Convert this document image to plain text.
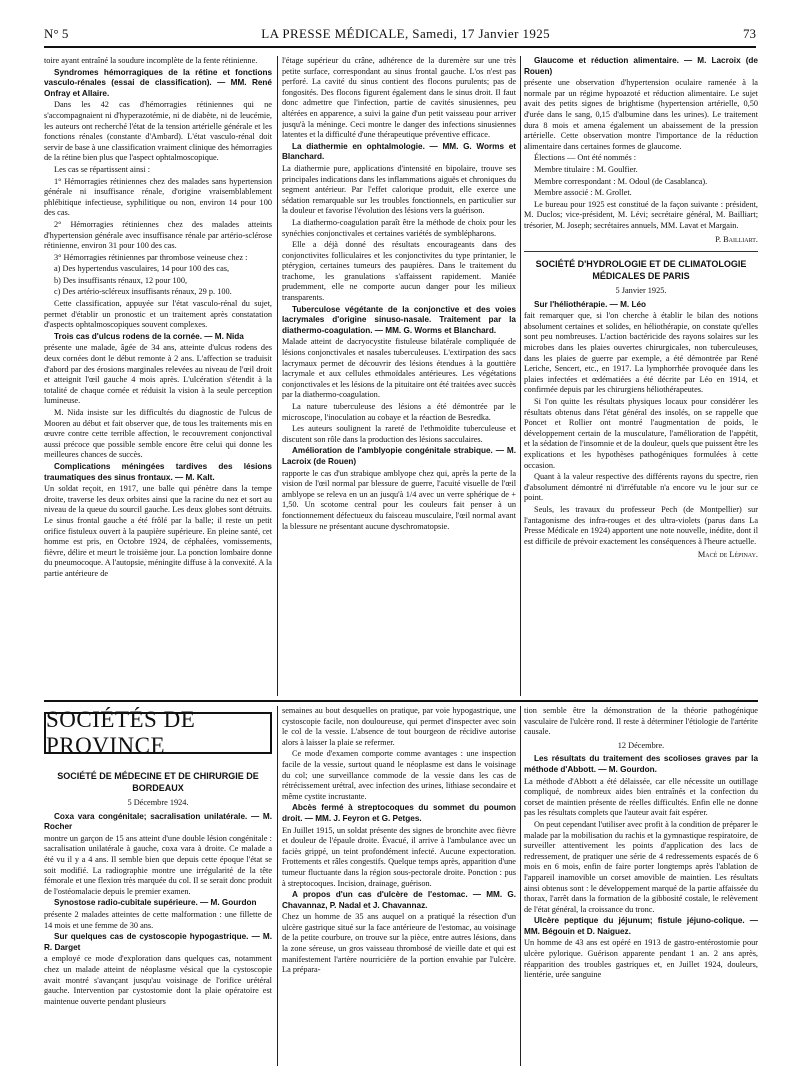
N° 5	LA PRESSE MÉDICALE, Samedi, 17 Janvier 1925	73

toire ayant entraîné la soudure incomplète de la fente rétinienne.

Syndromes hémorragiques de la rétine et fonctions vasculo-rénales (essai de classification). — MM. René Onfray et Allaire.

Dans les 42 cas d'hémorragies rétiniennes qui ne s'accompagnaient ni d'hyperazotémie, ni de diabète, ni de leucémie, les auteurs ont recherché l'état de la tension artérielle générale et les fonctions rénales (constante d'Ambard). L'état vasculo-rénal doit servir de base à une classification vraiment clinique des hémorragies de la rétine bien plus que l'aspect ophtalmoscopique.

Les cas se répartissent ainsi :

1° Hémorragies rétiniennes chez des malades sans hypertension générale ni insuffisance rénale, d'origine vraisemblablement phlébitique infectieuse, syphilitique ou non, environ 14 pour 100 des cas.

2° Hémorragies rétiniennes chez des malades atteints d'hypertension générale avec insuffisance rénale par artério-sclérose rétinienne, environ 31 pour 100 des cas.

3° Hémorragies rétiniennes par thrombose veineuse chez :

a) Des hypertendus vasculaires, 14 pour 100 des cas,

b) Des insuffisants rénaux, 12 pour 100,

c) Des artério-scléreux insuffisants rénaux, 29 p. 100.

Cette classification, appuyée sur l'état vasculo-rénal du sujet, permet d'établir un pronostic et un traitement après constatation d'aspects ophtalmoscopiques souvent complexes.

Trois cas d'ulcus rodens de la cornée. — M. Nida

présente une malade, âgée de 34 ans, atteinte d'ulcus rodens des deux cornées dont le début remonte à 2 ans. L'affection se traduisit d'abord par des érosions marginales relevées au niveau de l'œil droit et atteignit l'œil gauche 4 mois après. L'ulcération s'étendit à la totalité de chaque cornée et réduisit la vision à la seule perception lumineuse.

M. Nida insiste sur les difficultés du diagnostic de l'ulcus de Mooren au début et fait observer que, de tous les traitements mis en œuvre contre cette terrible affection, le recouvrement conjonctival aussi précoce que possible semble encore être celui qui donne les meilleures chances de succès.

Complications méningées tardives des lésions traumatiques des sinus frontaux. — M. Kalt.

Un soldat reçoit, en 1917, une balle qui pénètre dans la tempe droite, traverse les deux orbites ainsi que la racine du nez et sort au niveau de la queue du sourcil gauche. Les deux globes sont détruits. Le sinus frontal gauche a été frôlé par la balle; il reste un petit orifice fistuleux ouvert à la paupière supérieure. En pleine santé, cet homme est pris, en Octobre 1924, de céphalées, vomissements, fièvre, délire et meurt le troisième jour. La ponction lombaire donne du pneumocoque. A l'autopsie, méningite diffuse à la convexité. A la partie antérieure de

l'étage supérieur du crâne, adhérence de la duremère sur une très petite surface, correspondant au sinus frontal gauche. L'os n'est pas perforé. La cavité du sinus contient des flocons purulents; pas de fongosités. Des flocons figurent également dans le sinus droit. Il faut donc admettre que l'infection, partie de cavités sinusiennes, peu altérées en apparence, a suivi la gaine d'un petit vaisseau pour arriver jusqu'à la méninge. Ceci montre le danger des infections sinusiennes latentes et la difficulté d'une thérapeutique préventive efficace.

La diathermie en ophtalmologie. — MM. G. Worms et Blanchard.

La diathermie pure, applications d'intensité en bipolaire, trouve ses principales indications dans les inflammations aiguës et chroniques du segment antérieur. Par l'effet calorique produit, elle exerce une sédation remarquable sur les troubles fonctionnels, en particulier sur la douleur et favorise l'évolution des lésions vers la guérison.

La diathermo-coagulation paraît être la méthode de choix pour les synéchies conjonctivales et certaines variétés de symblépharons.

Elle a déjà donné des résultats encourageants dans des conjonctivites folliculaires et les conjonctivites du type printanier, le ptérygion, certaines tumeurs des paupières. Dans le traitement du trachome, les granulations s'affaissent rapidement. Maniée prudemment, elle ne comporte aucun danger pour les milieux transparents.

Tuberculose végétante de la conjonctive et des voies lacrymales d'origine sinuso-nasale. Traitement par la diathermo-coagulation. — MM. G. Worms et Blanchard.

Malade atteint de dacryocystite fistuleuse bilatérale compliquée de lésions conjonctivales et nasales tuberculeuses. L'extirpation des sacs lacrymaux permet de découvrir des lésions étendues à la gouttière lacrymale et aux cellules ethmoïdales antérieures. Les végétations conjonctivales et les lésions de la pituitaire ont été traitées avec succès par la diathermo-coagulation.

La nature tuberculeuse des lésions a été démontrée par le microscope, l'inoculation au cobaye et la réaction de Besredka.

Les auteurs soulignent la rareté de l'ethmoïdite tuberculeuse et discutent son rôle dans la production des lésions sacculaires.

Amélioration de l'amblyopie congénitale strabique. — M. Lacroix (de Rouen)

rapporte le cas d'un strabique amblyope chez qui, après la perte de la vision de l'œil normal par blessure de guerre, l'acuité visuelle de l'œil amblyope se releva en un an jusqu'à 1/4 avec un verre sphérique de + 1,50. Un scotome central pour les couleurs fait penser à un fonctionnement défectueux du faisceau musculaire, l'œil normal avant la blessure ne présentant aucune dyschromatopsie.

Glaucome et réduction alimentaire. — M. Lacroix (de Rouen)

présente une observation d'hypertension oculaire ramenée à la normale par un régime hypoazoté et réduction alimentaire. Le sujet avait des petits signes de brightisme (hypertension artérielle, 0,50 d'urée dans le sang, 0,15 d'albumine dans les urines). Le traitement dura 8 mois et amena également un abaissement de la pression artérielle. Cette observation montre l'importance de la réduction alimentaire dans certaines formes de glaucome.

Élections — Ont été nommés :

Membre titulaire : M. Goulfier.

Membre correspondant : M. Odoul (de Casablanca).

Membre associé : M. Grollet.

Le bureau pour 1925 est constitué de la façon suivante : président, M. Duclos; vice-président, M. Lévi; secrétaire général, M. Bailliart; trésorier, M. Joseph; secrétaires annuels, MM. Lavat et Margain.

P. Bailliart.

SOCIÉTÉ D'HYDROLOGIE ET DE CLIMATOLOGIE MÉDICALES DE PARIS

5 Janvier 1925.

Sur l'héliothérapie. — M. Léo

fait remarquer que, si l'on cherche à établir le bilan des notions absolument certaines et solides, en héliothérapie, on constate qu'elles sont peu nombreuses. L'action bactéricide des rayons solaires sur les microbes dans les plaies ouvertes chirurgicales, non tuberculeuses, dans les plaies de guerre par exemple, a été démontrée par René Leriche, Sencert, etc., en 1917. La lymphorrhée provoquée dans les plaies infectées et œdématiées a été décrite par Léo en 1914, et confirmée depuis par les chirurgiens héliothérapeutes.

Si l'on quitte les résultats physiques locaux pour considérer les résultats obtenus dans l'état général des insolés, on se rappelle que Poncet et Rollier ont montré l'augmentation de poids, le développement certain de la musculature, l'amélioration de l'appétit, et la sédation de l'insomnie et de la douleur, quels que puissent être les explications et les hypothèses pathogéniques formulées à cette occasion.

Quant à la valeur respective des différents rayons du spectre, rien d'absolument démontré ni d'irréfutable n'a encore vu le jour sur ce point.

Seuls, les travaux du professeur Pech (de Montpellier) sur l'antagonisme des infra-rouges et des ultra-violets (parus dans La Presse Médicale en 1924) apportent une note nouvelle, inédite, dont il est difficile de prévoir exactement les conséquences à l'heure actuelle.

Macé de Lépinay.

SOCIÉTÉS DE PROVINCE

SOCIÉTÉ DE MÉDECINE ET DE CHIRURGIE DE BORDEAUX

5 Décembre 1924.

Coxa vara congénitale; sacralisation unilatérale. — M. Rocher

montre un garçon de 15 ans atteint d'une double lésion congénitale : sacralisation unilatérale à gauche, coxa vara à droite. Ce malade a été vu il y a 4 ans. Il semble bien que depuis cette époque l'état se soit modifié. La radiographie montre une irrégularité de la tête fémorale et une flexion très marquée du col. Il se serait donc produit de l'ostéomalacie depuis le premier examen.

Synostose radio-cubitale supérieure. — M. Gourdon

présente 2 malades atteintes de cette malformation : une fillette de 14 mois et une femme de 30 ans.

Sur quelques cas de cystoscopie hypogastrique. — M. R. Darget

a employé ce mode d'exploration dans quelques cas, notamment chez un malade atteint de néoplasme vésical que la cystoscopie avait montré s'avançant jusqu'au voisinage de l'orifice urétéral gauche. Intervention par cystostomie dont la plaie opératoire est maintenue ouverte pendant plusieurs

semaines au bout desquelles on pratique, par voie hypogastrique, une cystoscopie facile, non douloureuse, qui permet d'inspecter avec soin le col de la vessie. L'absence de tout bourgeon de récidive autorise alors à laisser la plaie se refermer.

Ce mode d'examen comporte comme avantages : une inspection facile de la vessie, surtout quand le néoplasme est dans le voisinage du col; une surveillance commode de la vessie dans les cas de rétrécissement urétral, avec infection des urines, lithiase secondaire et même cystite incrustante.

Abcès fermé à streptocoques du sommet du poumon droit. — MM. J. Feyron et G. Petges.

En Juillet 1915, un soldat présente des signes de bronchite avec fièvre et douleur de l'épaule droite. Évacué, il arrive à l'ambulance avec un faciès grippé, un teint profondément infecté. Aucune expectoration. Frottements et râles congestifs. Quelque temps après, apparition d'une tumeur fluctuante dans la région sous-pectorale droite. Ponction : pus à streptocoques. Incision, drainage, guérison.

A propos d'un cas d'ulcère de l'estomac. — MM. G. Chavannaz, P. Nadal et J. Chavannaz.

Chez un homme de 35 ans auquel on a pratiqué la résection d'un ulcère gastrique situé sur la face antérieure de l'estomac, au voisinage de la petite courbure, on trouve sur la pièce, entre autres lésions, dans la zone séreuse, un gros vaisseau thrombosé de vieille date et qui est manifestement l'artère nourricière de la portion envahie par l'ulcère. La prépara-

tion semble être la démonstration de la théorie pathogénique vasculaire de l'ulcère rond. Il reste à déterminer l'étiologie de l'artérite causale.

12 Décembre.

Les résultats du traitement des scolioses graves par la méthode d'Abbott. — M. Gourdon.

La méthode d'Abbott a été délaissée, car elle nécessite un outillage compliqué, de nombreux aides bien entraînés et la confection du corset de maintien présente de réelles difficultés. Enfin elle ne donne pas les résultats complets que l'auteur avait fait espérer.

On peut cependant l'utiliser avec profit à la condition de préparer le malade par la mobilisation du rachis et la gymnastique respiratoire, de surveiller attentivement les points d'application des lacs de redressement, de pratiquer une série de 4 redressements espacés de 6 mois en 6 mois, enfin de faire porter longtemps après l'ablation de l'appareil inamovible un corset amovible de maintien. Les résultats ainsi obtenus sont : le développement marqué de la partie affaissée du thorax, l'arrêt dans la formation de la gibbosité costale, le relèvement de l'état général, la croissance du tronc.

Ulcère peptique du jéjunum; fistule jéjuno-colique. — MM. Bégouin et D. Naiguez.

Un homme de 43 ans est opéré en 1913 de gastro-entérostomie pour ulcère pylorique. Guérison apparente pendant 1 an. 2 ans après, réapparition des troubles gastriques et, en Juillet 1924, douleurs, lientérie, urée sanguine
